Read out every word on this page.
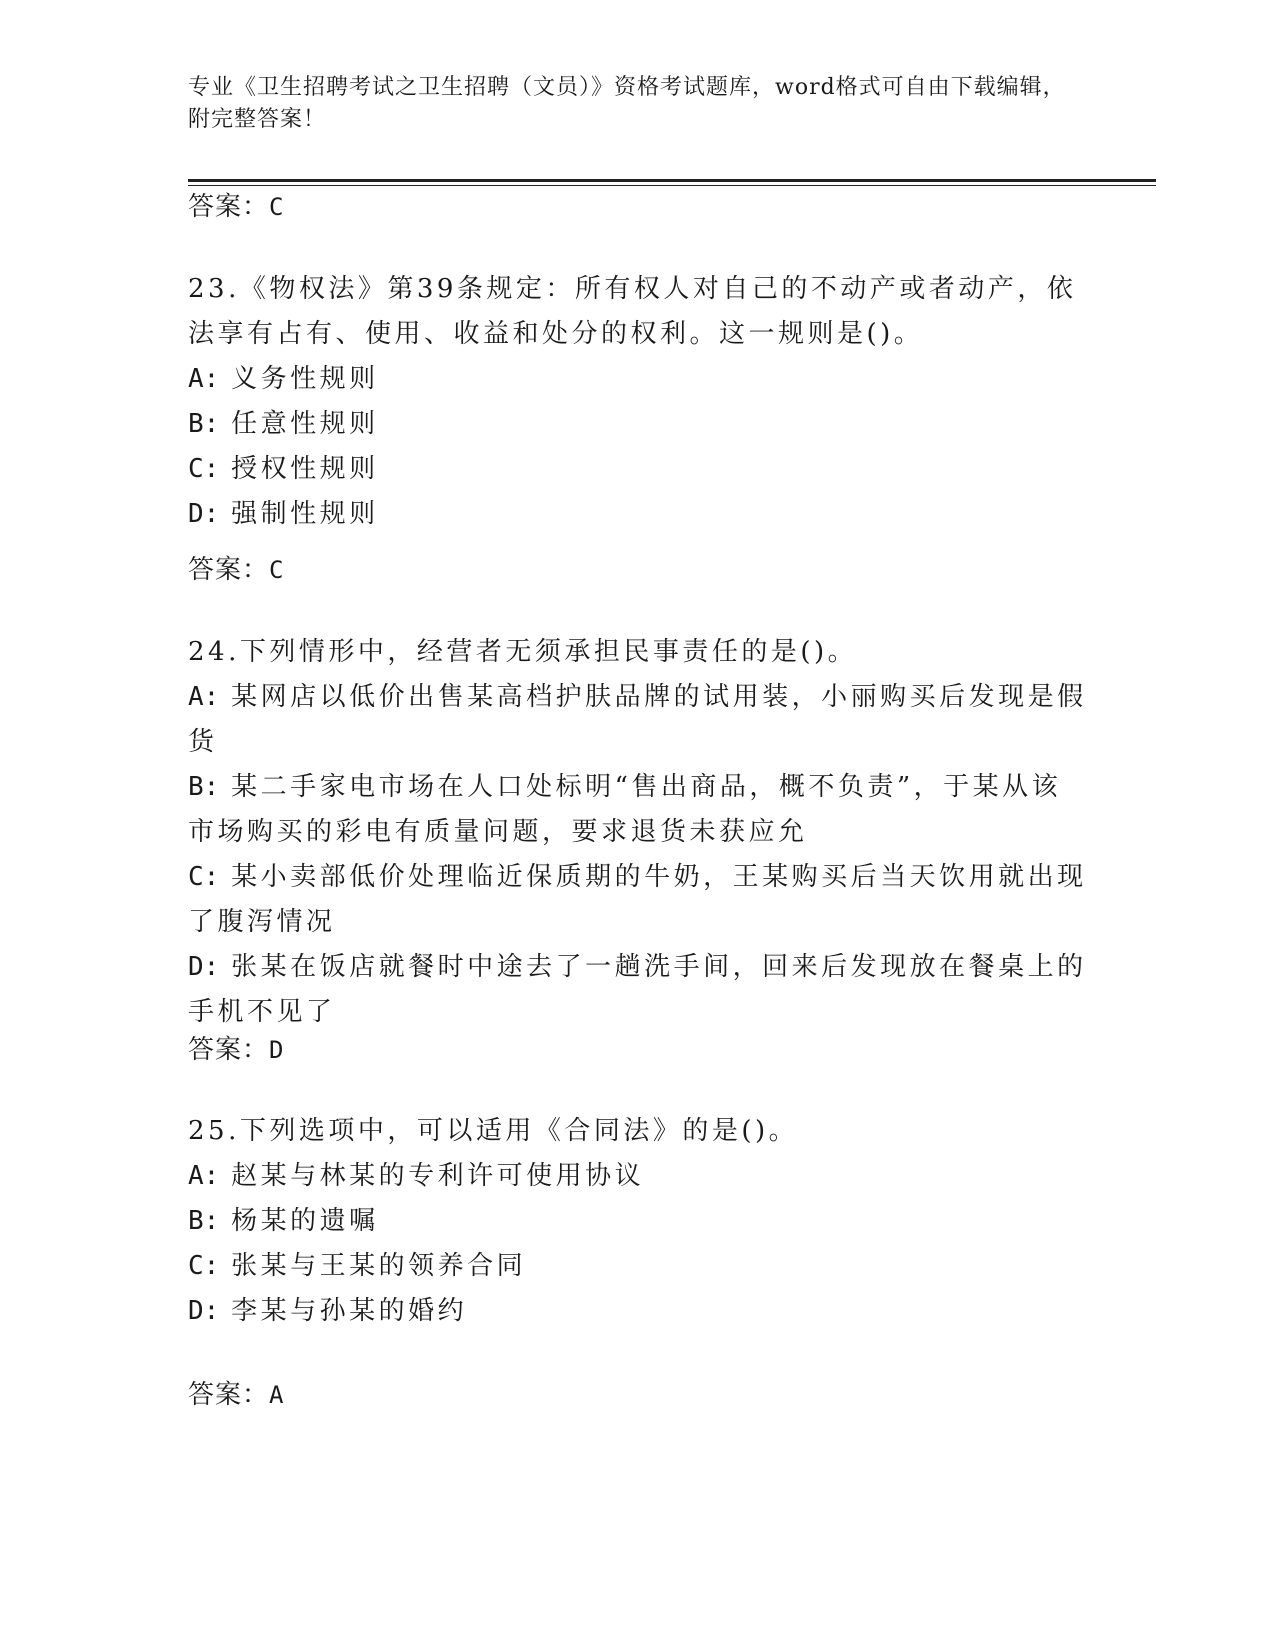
专业《卫生招聘考试之卫生招聘（文员）》资格考试题库，word格式可自由下载编辑，附完整答案！
答案：C

23.《物权法》第39条规定：所有权人对自己的不动产或者动产，依法享有占有、使用、收益和处分的权利。这一规则是()。

A: 义务性规则

B: 任意性规则

C: 授权性规则

D: 强制性规则

答案：C

24.下列情形中，经营者无须承担民事责任的是()。

A: 某网店以低价出售某高档护肤品牌的试用装，小丽购买后发现是假货

B: 某二手家电市场在人口处标明“售出商品，概不负责”，于某从该市场购买的彩电有质量问题，要求退货未获应允

C: 某小卖部低价处理临近保质期的牛奶，王某购买后当天饮用就出现了腹泻情况

D: 张某在饭店就餐时中途去了一趟洗手间，回来后发现放在餐桌上的手机不见了

答案：D

25.下列选项中，可以适用《合同法》的是()。

A: 赵某与林某的专利许可使用协议

B: 杨某的遗嘱

C: 张某与王某的领养合同

D: 李某与孙某的婚约

答案：A
